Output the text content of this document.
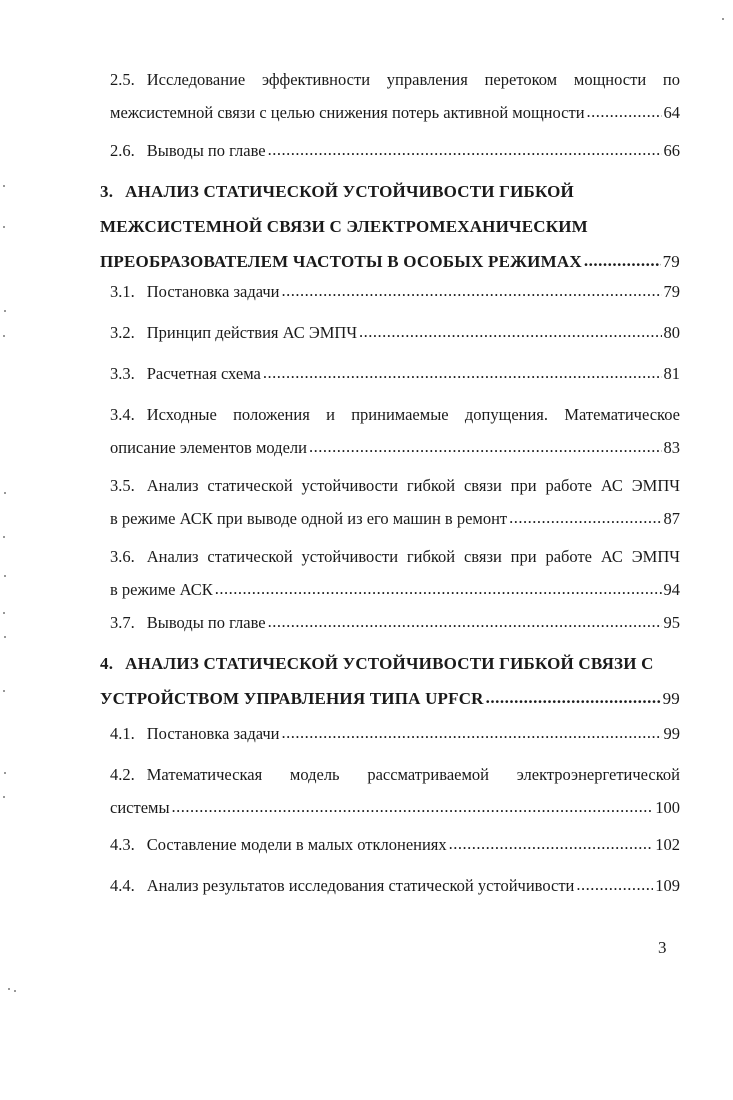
2.5. Исследование эффективности управления перетоком мощности по
межсистемной связи с целью снижения потерь активной мощности .....	64
2.6. Выводы по главе .....	66
3. АНАЛИЗ СТАТИЧЕСКОЙ УСТОЙЧИВОСТИ ГИБКОЙ
МЕЖСИСТЕМНОЙ СВЯЗИ С ЭЛЕКТРОМЕХАНИЧЕСКИМ
ПРЕОБРАЗОВАТЕЛЕМ ЧАСТОТЫ В ОСОБЫХ РЕЖИМАХ .....	79
3.1. Постановка задачи .....	79
3.2. Принцип действия АС ЭМПЧ .....	80
3.3. Расчетная схема .....	81
3.4. Исходные положения и принимаемые допущения. Математическое
описание элементов модели .....	83
3.5. Анализ статической устойчивости гибкой связи при работе АС ЭМПЧ
в режиме АСК при выводе одной из его машин в ремонт .....	87
3.6. Анализ статической устойчивости гибкой связи при работе АС ЭМПЧ
в режиме АСК .....	94
3.7. Выводы по главе .....	95
4. АНАЛИЗ СТАТИЧЕСКОЙ УСТОЙЧИВОСТИ ГИБКОЙ СВЯЗИ С
УСТРОЙСТВОМ УПРАВЛЕНИЯ ТИПА UPFCR .....	99
4.1. Постановка задачи .....	99
4.2. Математическая модель рассматриваемой электроэнергетической
системы .....	100
4.3. Составление модели в малых отклонениях .....	102
4.4. Анализ результатов исследования статической устойчивости .....	109
3
